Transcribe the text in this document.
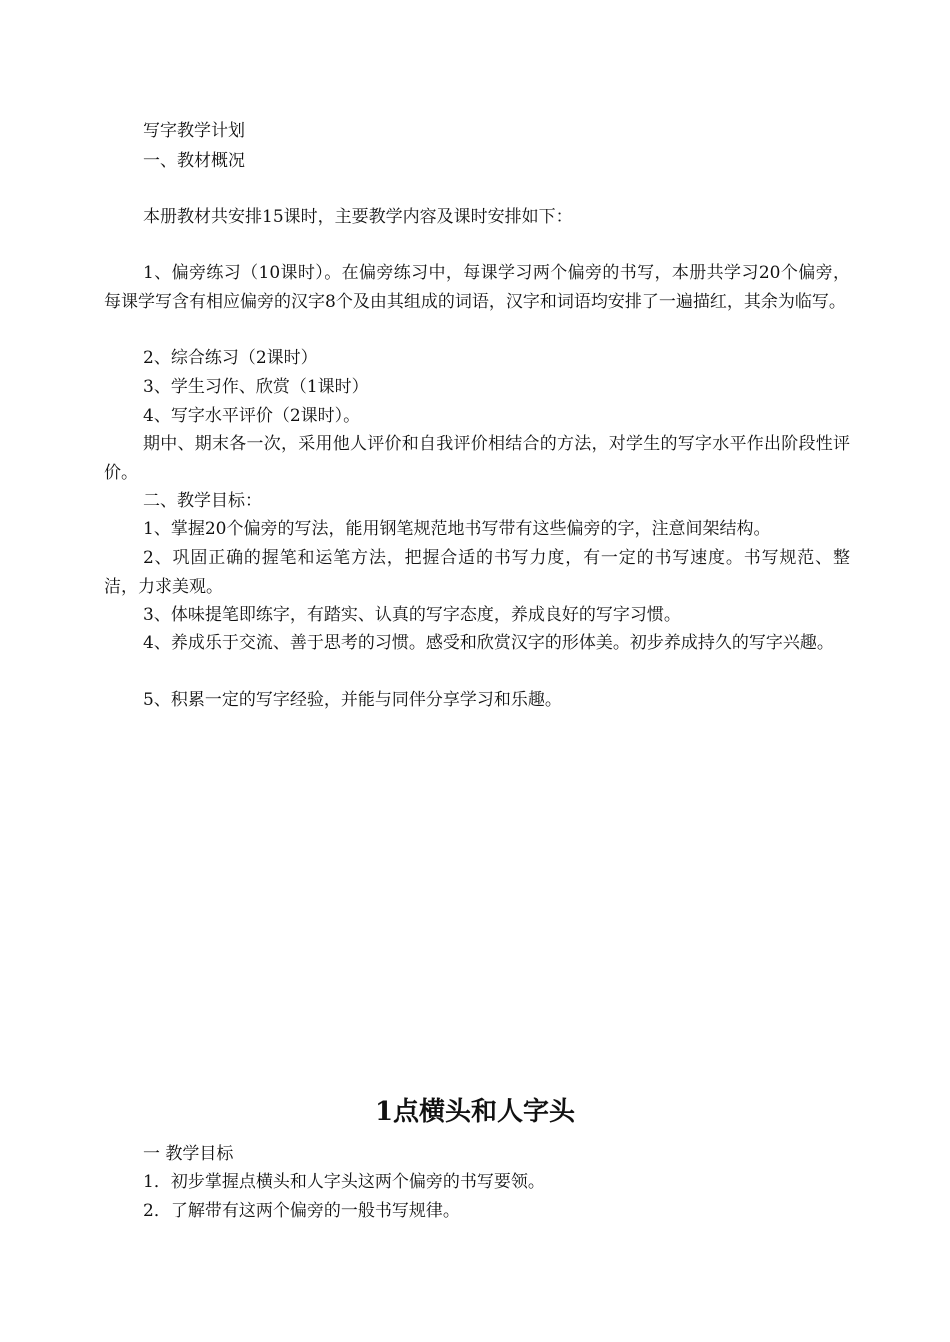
写字教学计划
一、教材概况
本册教材共安排15课时，主要教学内容及课时安排如下：
1、偏旁练习（10课时）。在偏旁练习中，每课学习两个偏旁的书写，本册共学习20个偏旁，每课学写含有相应偏旁的汉字8个及由其组成的词语，汉字和词语均安排了一遍描红，其余为临写。
2、综合练习（2课时）
3、学生习作、欣赏（1课时）
4、写字水平评价（2课时）。
期中、期末各一次，采用他人评价和自我评价相结合的方法，对学生的写字水平作出阶段性评价。
二、教学目标：
1、掌握20个偏旁的写法，能用钢笔规范地书写带有这些偏旁的字，注意间架结构。
2、巩固正确的握笔和运笔方法，把握合适的书写力度，有一定的书写速度。书写规范、整洁，力求美观。
3、体味提笔即练字，有踏实、认真的写字态度，养成良好的写字习惯。
4、养成乐于交流、善于思考的习惯。感受和欣赏汉字的形体美。初步养成持久的写字兴趣。
5、积累一定的写字经验，并能与同伴分享学习和乐趣。
1点横头和人字头
一 教学目标
1．初步掌握点横头和人字头这两个偏旁的书写要领。
2．了解带有这两个偏旁的一般书写规律。
